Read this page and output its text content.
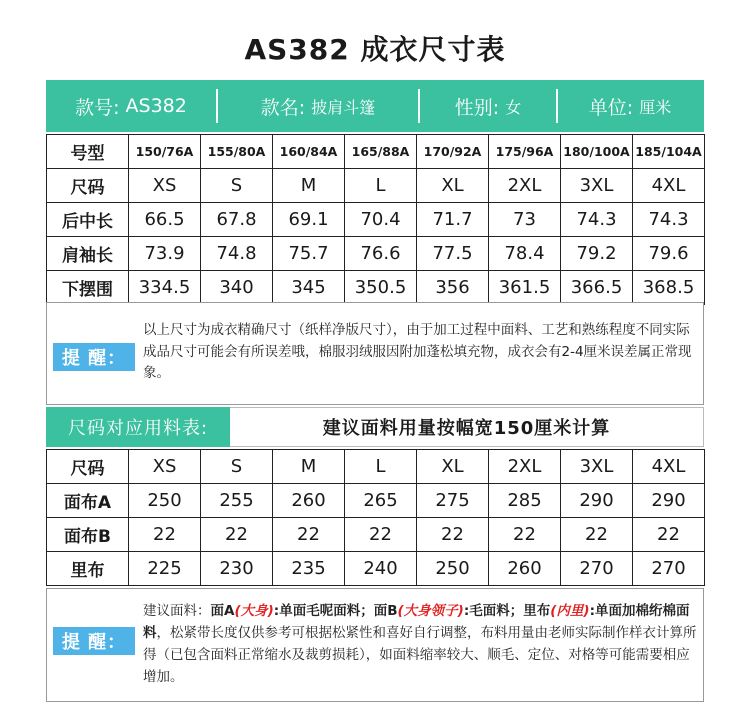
AS382 成衣尺寸表
款号: AS382	款名: 披肩斗篷	性别: 女	单位: 厘米
号型	150/76A	155/80A	160/84A	165/88A	170/92A	175/96A	180/100A	185/104A
尺码	XS	S	M	L	XL	2XL	3XL	4XL
后中长	66.5	67.8	69.1	70.4	71.7	73	74.3	74.3
肩袖长	73.9	74.8	75.7	76.6	77.5	78.4	79.2	79.6
下摆围	334.5	340	345	350.5	356	361.5	366.5	368.5
提 醒：
以上尺寸为成衣精确尺寸（纸样净版尺寸），由于加工过程中面料、工艺和熟练程度不同实际成品尺寸可能会有所误差哦，棉服羽绒服因附加蓬松填充物，成衣会有2-4厘米误差属正常现象。
尺码对应用料表:	建议面料用量按幅宽150厘米计算
尺码	XS	S	M	L	XL	2XL	3XL	4XL
面布A	250	255	260	265	275	285	290	290
面布B	22	22	22	22	22	22	22	22
里布	225	230	235	240	250	260	270	270
提 醒：
建议面料：面A(大身):单面毛呢面料；面B(大身领子):毛面料；里布(内里):单面加棉绗棉面料，松紧带长度仅供参考可根据松紧性和喜好自行调整，布料用量由老师实际制作样衣计算所得（已包含面料正常缩水及裁剪损耗），如面料缩率较大、顺毛、定位、对格等可能需要相应增加。
